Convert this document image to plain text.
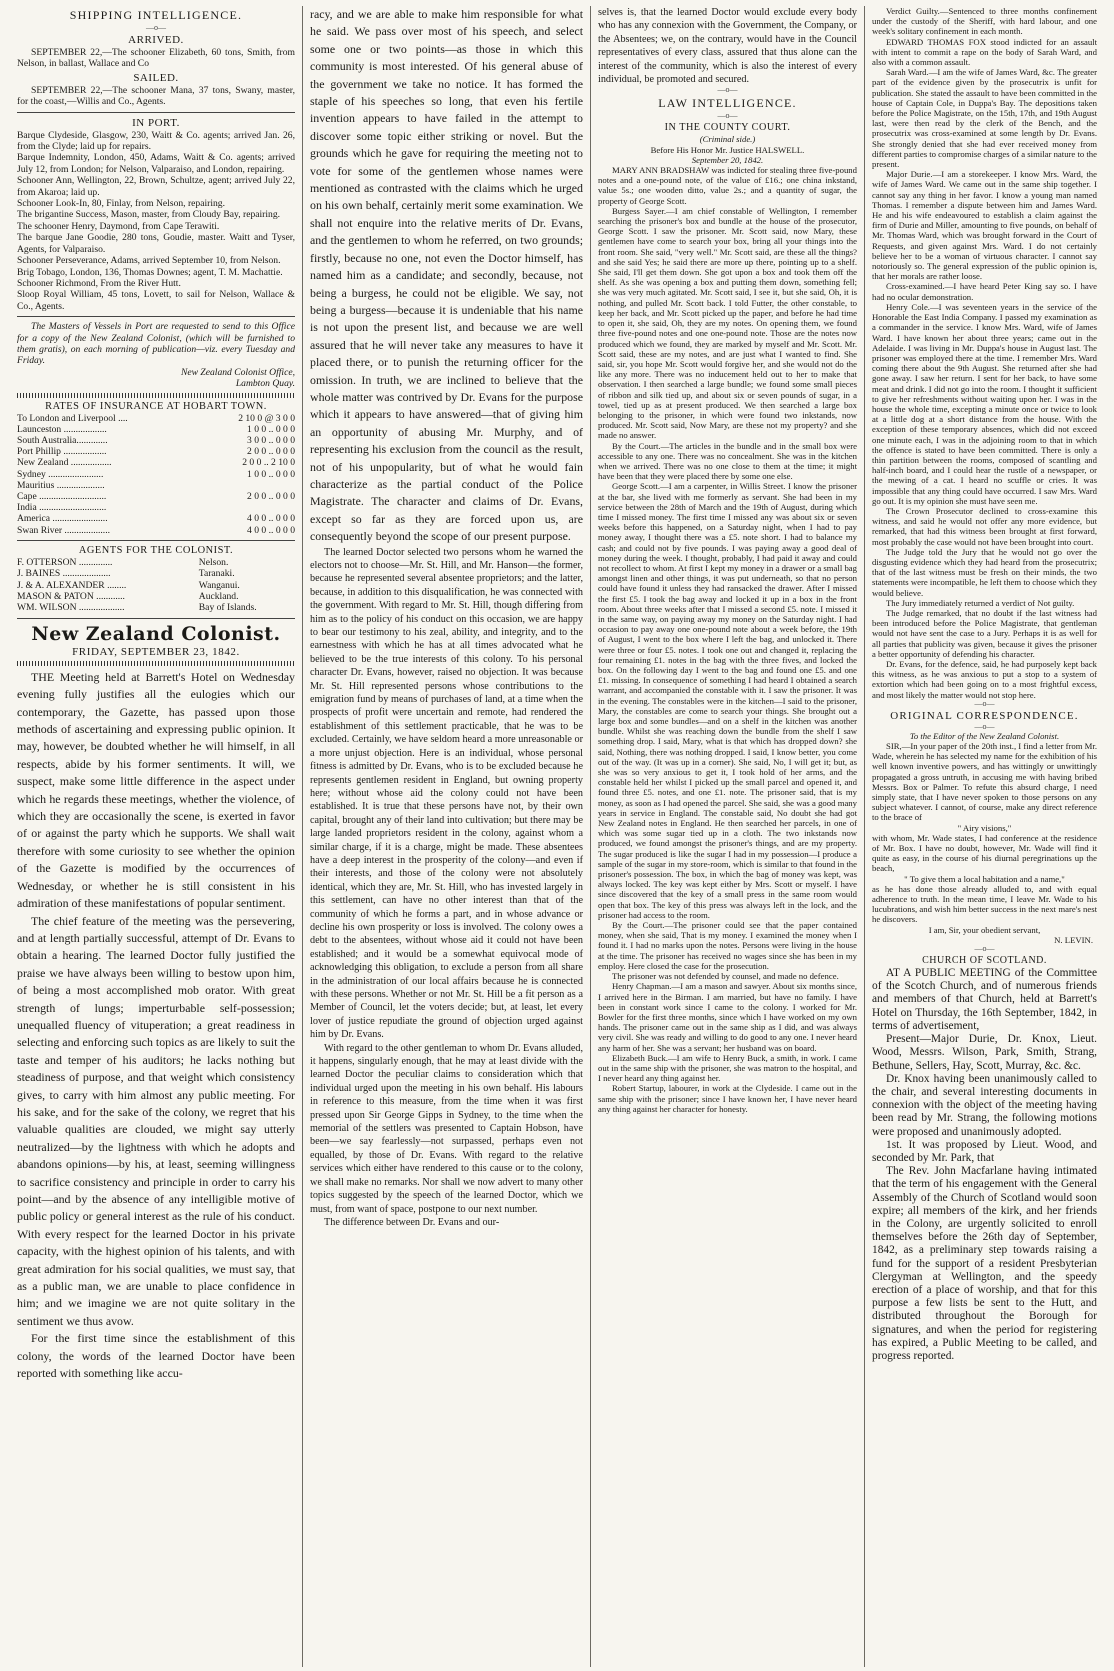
SHIPPING INTELLIGENCE.
—o—
ARRIVED.

SEPTEMBER 22,—The schooner Elizabeth, 60 tons, Smith, from Nelson, in ballast, Wallace and Co

SAILED.

SEPTEMBER 22,—The schooner Mana, 37 tons, Swany, master, for the coast,—Willis and Co., Agents.

IN PORT.

Barque Clydeside, Glasgow, 230, Waitt & Co. agents; arrived Jan. 26, from the Clyde; laid up for repairs.

Barque Indemnity, London, 450, Adams, Waitt & Co. agents; arrived July 12, from London; for Nelson, Valparaiso, and London, repairing.

Schooner Ann, Wellington, 22, Brown, Schultze, agent; arrived July 22, from Akaroa; laid up.

Schooner Look-In, 80, Finlay, from Nelson, repairing.

The brigantine Success, Mason, master, from Cloudy Bay, repairing.

The schooner Henry, Daymond, from Cape Terawiti.

The barque Jane Goodie, 280 tons, Goudie, master. Waitt and Tyser, Agents, for Valparaiso.

Schooner Perseverance, Adams, arrived September 10, from Nelson.

Brig Tobago, London, 136, Thomas Downes; agent, T. M. Machattie.

Schooner Richmond, From the River Hutt.

Sloop Royal William, 45 tons, Lovett, to sail for Nelson, Wallace & Co., Agents.

The Masters of Vessels in Port are requested to send to this Office for a copy of the New Zealand Colonist, (which will be furnished to them gratis), on each morning of publication—viz. every Tuesday and Friday.

New Zealand Colonist Office,

Lambton Quay.

RATES OF INSURANCE AT HOBART TOWN.
To London and Liverpool ....	2 10 0 @ 3 0 0
Launceston ..................	1 0 0 .. 0 0 0
South Australia.............	3 0 0 .. 0 0 0
Port Phillip ..................	2 0 0 .. 0 0 0
New Zealand .................	2 0 0 .. 2 10 0
Sydney .......................	1 0 0 .. 0 0 0
Mauritius ....................	
Cape ............................	2 0 0 .. 0 0 0
India ............................	
America .......................	4 0 0 .. 0 0 0
Swan River ...................	4 0 0 .. 0 0 0
AGENTS FOR THE COLONIST.
F. OTTERSON ..............	Nelson.
J. BAINES ....................	Taranaki.
J. & A. ALEXANDER ........	Wanganui.
MASON & PATON ............	Auckland.
WM. WILSON ...................	Bay of Islands.
New Zealand Colonist.
FRIDAY, SEPTEMBER 23, 1842.

THE Meeting held at Barrett's Hotel on Wednesday evening fully justifies all the eulogies which our contemporary, the Gazette, has passed upon those methods of ascertaining and expressing public opinion. It may, however, be doubted whether he will himself, in all respects, abide by his former sentiments. It will, we suspect, make some little difference in the aspect under which he regards these meetings, whether the violence, of which they are occasionally the scene, is exerted in favor of or against the party which he supports. We shall wait therefore with some curiosity to see whether the opinion of the Gazette is modified by the occurrences of Wednesday, or whether he is still consistent in his admiration of these manifestations of popular sentiment.

The chief feature of the meeting was the persevering, and at length partially successful, attempt of Dr. Evans to obtain a hearing. The learned Doctor fully justified the praise we have always been willing to bestow upon him, of being a most accomplished mob orator. With great strength of lungs; imperturbable self-possession; unequalled fluency of vituperation; a great readiness in selecting and enforcing such topics as are likely to suit the taste and temper of his auditors; he lacks nothing but steadiness of purpose, and that weight which consistency gives, to carry with him almost any public meeting. For his sake, and for the sake of the colony, we regret that his valuable qualities are clouded, we might say utterly neutralized—by the lightness with which he adopts and abandons opinions—by his, at least, seeming willingness to sacrifice consistency and principle in order to carry his point—and by the absence of any intelligible motive of public policy or general interest as the rule of his conduct. With every respect for the learned Doctor in his private capacity, with the highest opinion of his talents, and with great admiration for his social qualities, we must say, that as a public man, we are unable to place confidence in him; and we imagine we are not quite solitary in the sentiment we thus avow.

For the first time since the establishment of this colony, the words of the learned Doctor have been reported with something like accu-

racy, and we are able to make him responsible for what he said. We pass over most of his speech, and select some one or two points—as those in which this community is most interested. Of his general abuse of the government we take no notice. It has formed the staple of his speeches so long, that even his fertile invention appears to have failed in the attempt to discover some topic either striking or novel. But the grounds which he gave for requiring the meeting not to vote for some of the gentlemen whose names were mentioned as contrasted with the claims which he urged on his own behalf, certainly merit some examination. We shall not enquire into the relative merits of Dr. Evans, and the gentlemen to whom he referred, on two grounds; firstly, because no one, not even the Doctor himself, has named him as a candidate; and secondly, because, not being a burgess, he could not be eligible. We say, not being a burgess—because it is undeniable that his name is not upon the present list, and because we are well assured that he will never take any measures to have it placed there, or to punish the returning officer for the omission. In truth, we are inclined to believe that the whole matter was contrived by Dr. Evans for the purpose which it appears to have answered—that of giving him an opportunity of abusing Mr. Murphy, and of representing his exclusion from the council as the result, not of his unpopularity, but of what he would fain characterize as the partial conduct of the Police Magistrate. The character and claims of Dr. Evans, except so far as they are forced upon us, are consequently beyond the scope of our present purpose.

The learned Doctor selected two persons whom he warned the electors not to choose—Mr. St. Hill, and Mr. Hanson—the former, because he represented several absentee proprietors; and the latter, because, in addition to this disqualification, he was connected with the government. With regard to Mr. St. Hill, though differing from him as to the policy of his conduct on this occasion, we are happy to bear our testimony to his zeal, ability, and integrity, and to the earnestness with which he has at all times advocated what he believed to be the true interests of this colony. To his personal character Dr. Evans, however, raised no objection. It was because Mr. St. Hill represented persons whose contributions to the emigration fund by means of purchases of land, at a time when the prospects of profit were uncertain and remote, had rendered the establishment of this settlement practicable, that he was to be excluded. Certainly, we have seldom heard a more unreasonable or a more unjust objection. Here is an individual, whose personal fitness is admitted by Dr. Evans, who is to be excluded because he represents gentlemen resident in England, but owning property here; without whose aid the colony could not have been established. It is true that these persons have not, by their own capital, brought any of their land into cultivation; but there may be large landed proprietors resident in the colony, against whom a similar charge, if it is a charge, might be made. These absentees have a deep interest in the prosperity of the colony—and even if their interests, and those of the colony were not absolutely identical, which they are, Mr. St. Hill, who has invested largely in this settlement, can have no other interest than that of the community of which he forms a part, and in whose advance or decline his own prosperity or loss is involved. The colony owes a debt to the absentees, without whose aid it could not have been established; and it would be a somewhat equivocal mode of acknowledging this obligation, to exclude a person from all share in the administration of our local affairs because he is connected with these persons. Whether or not Mr. St. Hill be a fit person as a Member of Council, let the voters decide; but, at least, let every lover of justice repudiate the ground of objection urged against him by Dr. Evans.

With regard to the other gentleman to whom Dr. Evans alluded, it happens, singularly enough, that he may at least divide with the learned Doctor the peculiar claims to consideration which that individual urged upon the meeting in his own behalf. His labours in reference to this measure, from the time when it was first pressed upon Sir George Gipps in Sydney, to the time when the memorial of the settlers was presented to Captain Hobson, have been—we say fearlessly—not surpassed, perhaps even not equalled, by those of Dr. Evans. With regard to the relative services which either have rendered to this cause or to the colony, we shall make no remarks. Nor shall we now advert to many other topics suggested by the speech of the learned Doctor, which we must, from want of space, postpone to our next number.

The difference between Dr. Evans and our-

selves is, that the learned Doctor would exclude every body who has any connexion with the Government, the Company, or the Absentees; we, on the contrary, would have in the Council representatives of every class, assured that thus alone can the interest of the community, which is also the interest of every individual, be promoted and secured.

—o—
LAW INTELLIGENCE.
—o—
IN THE COUNTY COURT.

(Criminal side.)

Before His Honor Mr. Justice HALSWELL.

September 20, 1842.

MARY ANN BRADSHAW was indicted for stealing three five-pound notes and a one-pound note, of the value of £16.; one china inkstand, value 5s.; one wooden ditto, value 2s.; and a quantity of sugar, the property of George Scott.

Burgess Sayer.—I am chief constable of Wellington, I remember searching the prisoner's box and bundle at the house of the prosecutor, George Scott. I saw the prisoner. Mr. Scott said, now Mary, these gentlemen have come to search your box, bring all your things into the front room. She said, "very well." Mr. Scott said, are these all the things? and she said Yes; he said there are more up there, pointing up to a shelf. She said, I'll get them down. She got upon a box and took them off the shelf. As she was opening a box and putting them down, something fell; she was very much agitated. Mr. Scott said, I see it, but she said, Oh, it is nothing, and pulled Mr. Scott back. I told Futter, the other constable, to keep her back, and Mr. Scott picked up the paper, and before he had time to open it, she said, Oh, they are my notes. On opening them, we found three five-pound notes and one one-pound note. Those are the notes now produced which we found, they are marked by myself and Mr. Scott. Mr. Scott said, these are my notes, and are just what I wanted to find. She said, sir, you hope Mr. Scott would forgive her, and she would not do the like any more. There was no inducement held out to her to make that observation. I then searched a large bundle; we found some small pieces of ribbon and silk tied up, and about six or seven pounds of sugar, in a towel, tied up as at present produced. We then searched a large box belonging to the prisoner, in which were found two inkstands, now produced. Mr. Scott said, Now Mary, are these not my property? and she made no answer.

By the Court.—The articles in the bundle and in the small box were accessible to any one. There was no concealment. She was in the kitchen when we arrived. There was no one close to them at the time; it might have been that they were placed there by some one else.

George Scott.—I am a carpenter, in Willis Street. I know the prisoner at the bar, she lived with me formerly as servant. She had been in my service between the 28th of March and the 19th of August, during which time I missed money. The first time I missed any was about six or seven weeks before this happened, on a Saturday night, when I had to pay money away, I thought there was a £5. note short. I had to balance my cash; and could not by five pounds. I was paying away a good deal of money during the week. I thought, probably, I had paid it away and could not recollect to whom. At first I kept my money in a drawer or a small bag amongst linen and other things, it was put underneath, so that no person could have found it unless they had ransacked the drawer. After I missed the first £5. I took the bag away and locked it up in a box in the front room. About three weeks after that I missed a second £5. note. I missed it in the same way, on paying away my money on the Saturday night. I had occasion to pay away one one-pound note about a week before, the 19th of August, I went to the box where I left the bag, and unlocked it. There were three or four £5. notes. I took one out and changed it, replacing the four remaining £1. notes in the bag with the three fives, and locked the box. On the following day I went to the bag and found one £5. and one £1. missing. In consequence of something I had heard I obtained a search warrant, and accompanied the constable with it. I saw the prisoner. It was in the evening. The constables were in the kitchen—I said to the prisoner, Mary, the constables are come to search your things. She brought out a large box and some bundles—and on a shelf in the kitchen was another bundle. Whilst she was reaching down the bundle from the shelf I saw something drop. I said, Mary, what is that which has dropped down? she said, Nothing, there was nothing dropped. I said, I know better, you come out of the way. (It was up in a corner). She said, No, I will get it; but, as she was so very anxious to get it, I took hold of her arms, and the constable held her whilst I picked up the small parcel and opened it, and found three £5. notes, and one £1. note. The prisoner said, that is my money, as soon as I had opened the parcel. She said, she was a good many years in service in England. The constable said, No doubt she had got New Zealand notes in England. He then searched her parcels, in one of which was some sugar tied up in a cloth. The two inkstands now produced, we found amongst the prisoner's things, and are my property. The sugar produced is like the sugar I had in my possession—I produce a sample of the sugar in my store-room, which is similar to that found in the prisoner's possession. The box, in which the bag of money was kept, was always locked. The key was kept either by Mrs. Scott or myself. I have since discovered that the key of a small press in the same room would open that box. The key of this press was always left in the lock, and the prisoner had access to the room.

By the Court.—The prisoner could see that the paper contained money, when she said, That is my money. I examined the money when I found it. I had no marks upon the notes. Persons were living in the house at the time. The prisoner has received no wages since she has been in my employ. Here closed the case for the prosecution.

The prisoner was not defended by counsel, and made no defence.

Henry Chapman.—I am a mason and sawyer. About six months since, I arrived here in the Birman. I am married, but have no family. I have been in constant work since I came to the colony. I worked for Mr. Bowler for the first three months, since which I have worked on my own hands. The prisoner came out in the same ship as I did, and was always very civil. She was ready and willing to do good to any one. I never heard any harm of her. She was a servant; her husband was on board.

Elizabeth Buck.—I am wife to Henry Buck, a smith, in work. I came out in the same ship with the prisoner, she was matron to the hospital, and I never heard any thing against her.

Robert Startup, labourer, in work at the Clydeside. I came out in the same ship with the prisoner; since I have known her, I have never heard any thing against her character for honesty.

Verdict Guilty.—Sentenced to three months confinement under the custody of the Sheriff, with hard labour, and one week's solitary confinement in each month.

EDWARD THOMAS FOX stood indicted for an assault with intent to commit a rape on the body of Sarah Ward, and also with a common assault.

Sarah Ward.—I am the wife of James Ward, &c. The greater part of the evidence given by the prosecutrix is unfit for publication. She stated the assault to have been committed in the house of Captain Cole, in Duppa's Bay. The depositions taken before the Police Magistrate, on the 15th, 17th, and 19th August last, were then read by the clerk of the Bench, and the prosecutrix was cross-examined at some length by Dr. Evans. She strongly denied that she had ever received money from different parties to compromise charges of a similar nature to the present.

Major Durie.—I am a storekeeper. I know Mrs. Ward, the wife of James Ward. We came out in the same ship together. I cannot say any thing in her favor. I know a young man named Thomas. I remember a dispute between him and James Ward. He and his wife endeavoured to establish a claim against the firm of Durie and Miller, amounting to five pounds, on behalf of Mr. Thomas Ward, which was brought forward in the Court of Requests, and given against Mrs. Ward. I do not certainly believe her to be a woman of virtuous character. I cannot say notoriously so. The general expression of the public opinion is, that her morals are rather loose.

Cross-examined.—I have heard Peter King say so. I have had no ocular demonstration.

Henry Cole.—I was seventeen years in the service of the Honorable the East India Company. I passed my examination as a commander in the service. I know Mrs. Ward, wife of James Ward. I have known her about three years; came out in the Adelaide. I was living in Mr. Duppa's house in August last. The prisoner was employed there at the time. I remember Mrs. Ward coming there about the 9th August. She returned after she had gone away. I saw her return. I sent for her back, to have some meat and drink. I did not go into the room. I thought it sufficient to give her refreshments without waiting upon her. I was in the house the whole time, excepting a minute once or twice to look at a little dog at a short distance from the house. With the exception of these temporary absences, which did not exceed one minute each, I was in the adjoining room to that in which the offence is stated to have been committed. There is only a thin partition between the rooms, composed of scantling and half-inch board, and I could hear the rustle of a newspaper, or the mewing of a cat. I heard no scuffle or cries. It was impossible that any thing could have occurred. I saw Mrs. Ward go out. It is my opinion she must have seen me.

The Crown Prosecutor declined to cross-examine this witness, and said he would not offer any more evidence, but remarked, that had this witness been brought at first forward, most probably the case would not have been brought into court.

The Judge told the Jury that he would not go over the disgusting evidence which they had heard from the prosecutrix; that of the last witness must be fresh on their minds, the two statements were incompatible, he left them to choose which they would believe.

The Jury immediately returned a verdict of Not guilty.

The Judge remarked, that no doubt if the last witness had been introduced before the Police Magistrate, that gentleman would not have sent the case to a Jury. Perhaps it is as well for all parties that publicity was given, because it gives the prisoner a better opportunity of defending his character.

Dr. Evans, for the defence, said, he had purposely kept back this witness, as he was anxious to put a stop to a system of extortion which had been going on to a most frightful excess, and most likely the matter would not stop here.

—o—
ORIGINAL CORRESPONDENCE.
—o—

To the Editor of the New Zealand Colonist.

SIR,—In your paper of the 20th inst., I find a letter from Mr. Wade, wherein he has selected my name for the exhibition of his well known inventive powers, and has wittingly or unwittingly propagated a gross untruth, in accusing me with having bribed Messrs. Box or Palmer. To refute this absurd charge, I need simply state, that I have never spoken to those persons on any subject whatever. I cannot, of course, make any direct reference to the brace of

" Airy visions,"

with whom, Mr. Wade states, I had conference at the residence of Mr. Box. I have no doubt, however, Mr. Wade will find it quite as easy, in the course of his diurnal peregrinations up the beach,

" To give them a local habitation and a name,"

as he has done those already alluded to, and with equal adherence to truth. In the mean time, I leave Mr. Wade to his lucubrations, and wish him better success in the next mare's nest he discovers.

I am, Sir, your obedient servant,

N. LEVIN.

—o—
CHURCH OF SCOTLAND.

AT A PUBLIC MEETING of the Committee of the Scotch Church, and of numerous friends and members of that Church, held at Barrett's Hotel on Thursday, the 16th September, 1842, in terms of advertisement,

Present—Major Durie, Dr. Knox, Lieut. Wood, Messrs. Wilson, Park, Smith, Strang, Bethune, Sellers, Hay, Scott, Murray, &c. &c.

Dr. Knox having been unanimously called to the chair, and several interesting documents in connexion with the object of the meeting having been read by Mr. Strang, the following motions were proposed and unanimously adopted.

1st. It was proposed by Lieut. Wood, and seconded by Mr. Park, that

The Rev. John Macfarlane having intimated that the term of his engagement with the General Assembly of the Church of Scotland would soon expire; all members of the kirk, and her friends in the Colony, are urgently solicited to enroll themselves before the 26th day of September, 1842, as a preliminary step towards raising a fund for the support of a resident Presbyterian Clergyman at Wellington, and the speedy erection of a place of worship, and that for this purpose a few lists be sent to the Hutt, and distributed throughout the Borough for signatures, and when the period for registering has expired, a Public Meeting to be called, and progress reported.
